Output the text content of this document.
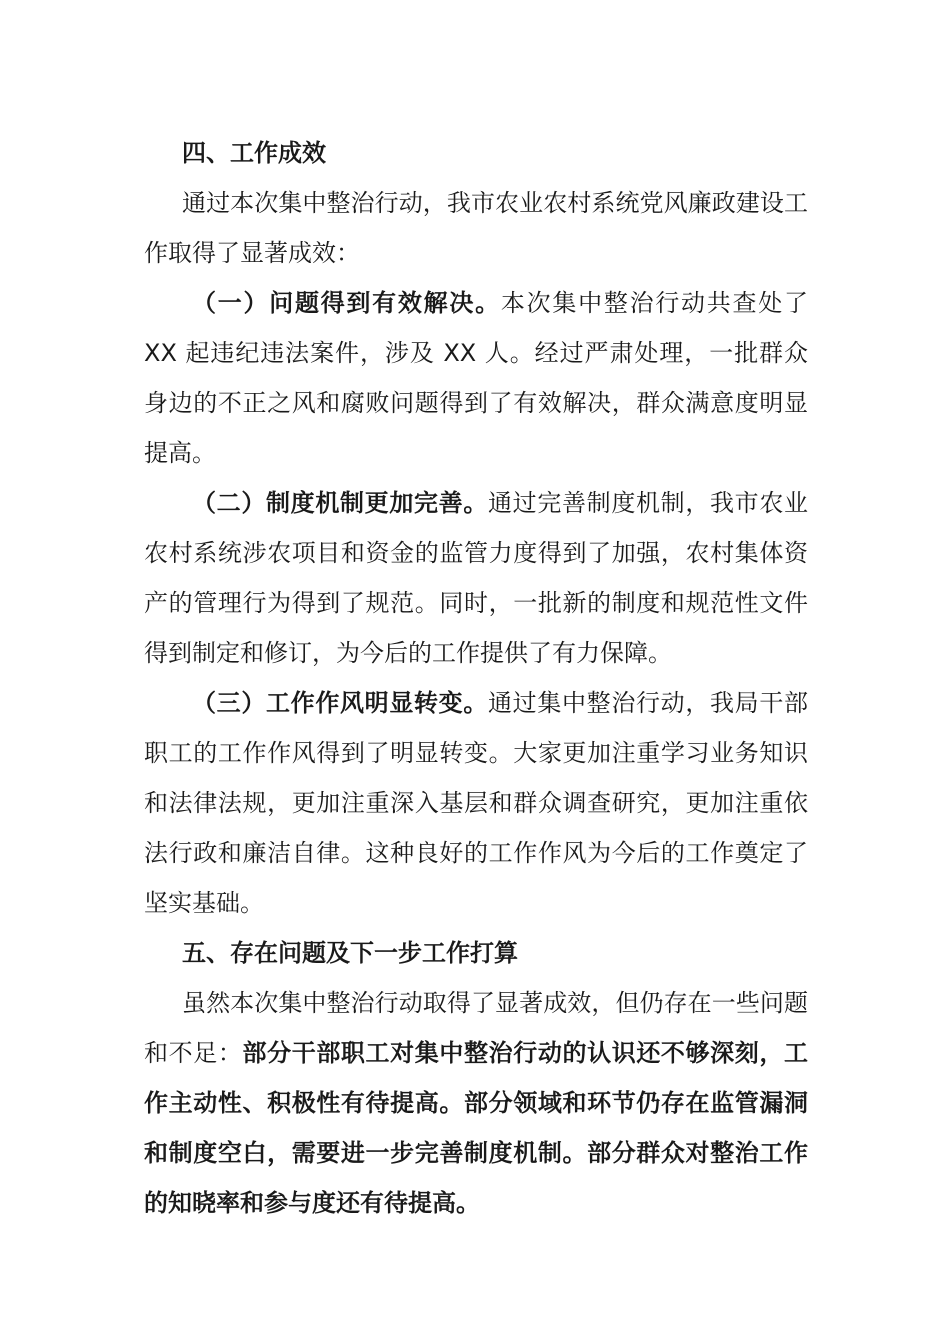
四、工作成效

通过本次集中整治行动，我市农业农村系统党风廉政建设工作取得了显著成效：

（一）问题得到有效解决。本次集中整治行动共查处了 XX 起违纪违法案件，涉及 XX 人。经过严肃处理，一批群众身边的不正之风和腐败问题得到了有效解决，群众满意度明显提高。

（二）制度机制更加完善。通过完善制度机制，我市农业农村系统涉农项目和资金的监管力度得到了加强，农村集体资产的管理行为得到了规范。同时，一批新的制度和规范性文件得到制定和修订，为今后的工作提供了有力保障。

（三）工作作风明显转变。通过集中整治行动，我局干部职工的工作作风得到了明显转变。大家更加注重学习业务知识和法律法规，更加注重深入基层和群众调查研究，更加注重依法行政和廉洁自律。这种良好的工作作风为今后的工作奠定了坚实基础。

五、存在问题及下一步工作打算

虽然本次集中整治行动取得了显著成效，但仍存在一些问题和不足：部分干部职工对集中整治行动的认识还不够深刻，工作主动性、积极性有待提高。部分领域和环节仍存在监管漏洞和制度空白，需要进一步完善制度机制。部分群众对整治工作的知晓率和参与度还有待提高。
